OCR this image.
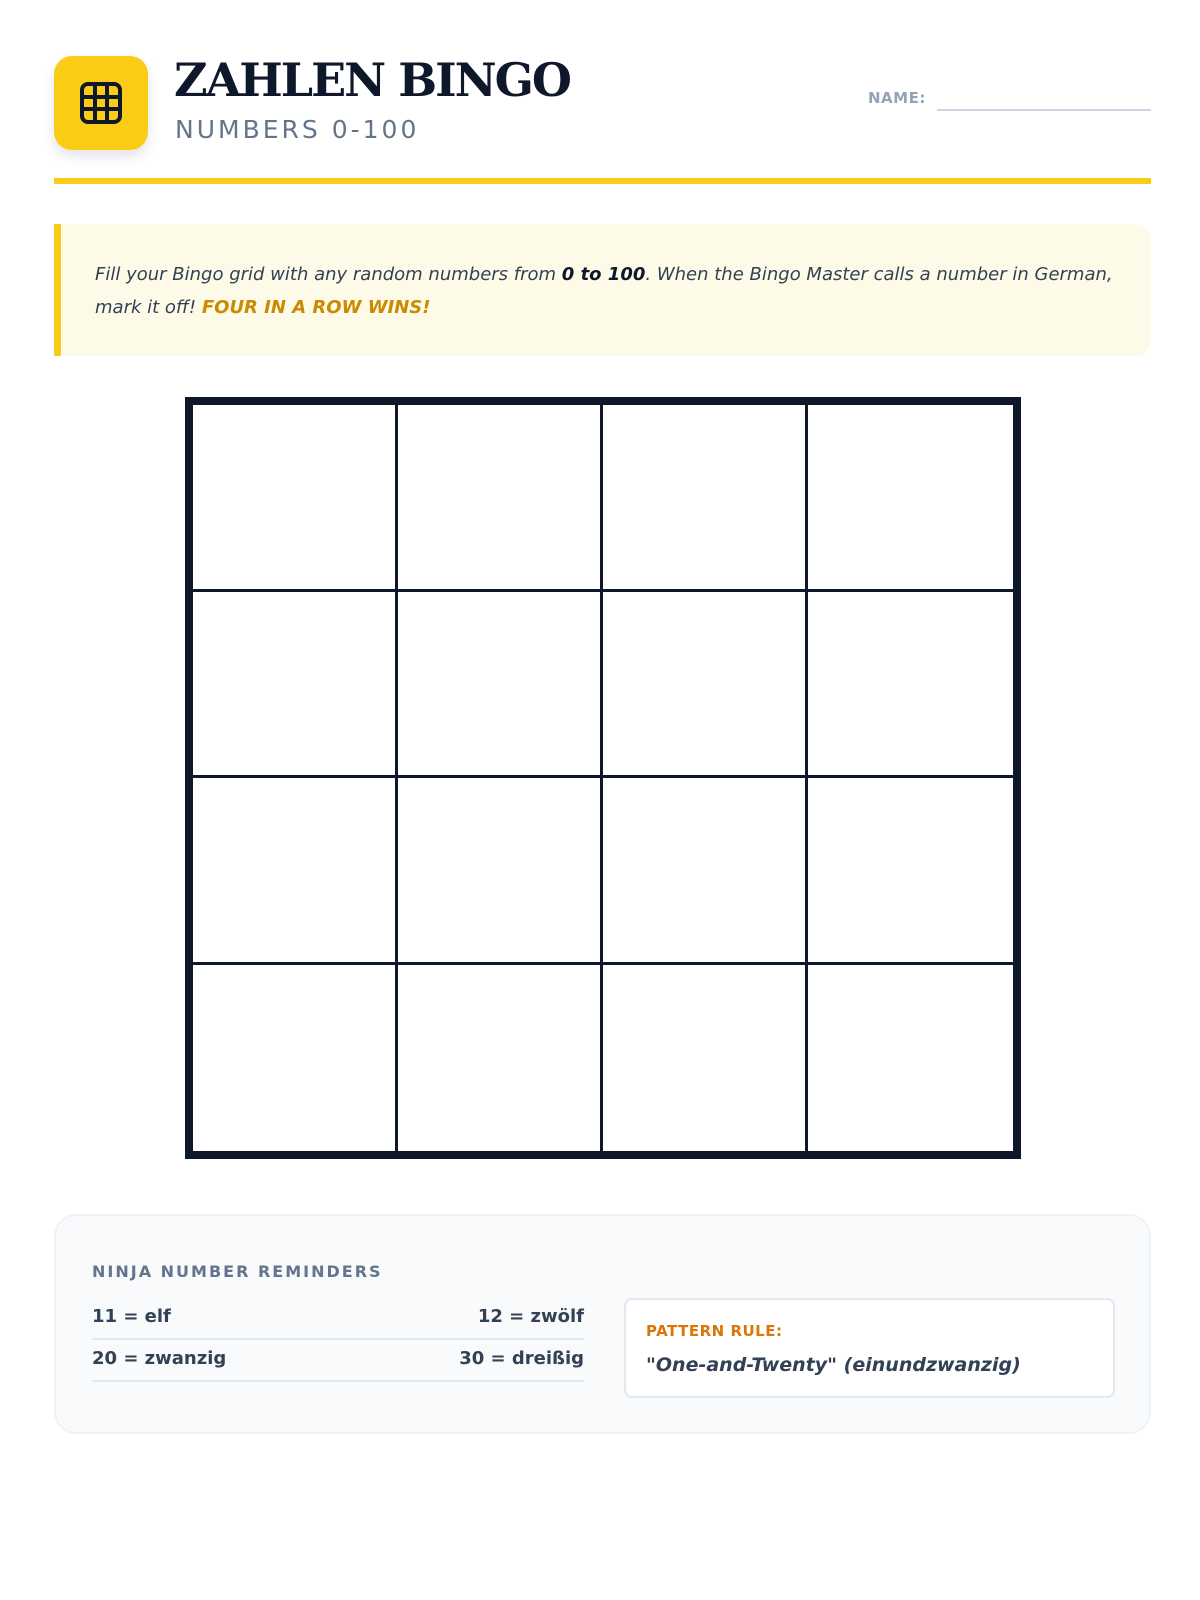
ZAHLEN BINGO
NUMBERS 0-100
NAME:
Fill your Bingo grid with any random numbers from 0 to 100. When the Bingo Master calls a number in German, mark it off! FOUR IN A ROW WINS!
NINJA NUMBER REMINDERS
11 = elf	12 = zwölf
20 = zwanzig	30 = dreißig
PATTERN RULE:
"One-and-Twenty" (einundzwanzig)
